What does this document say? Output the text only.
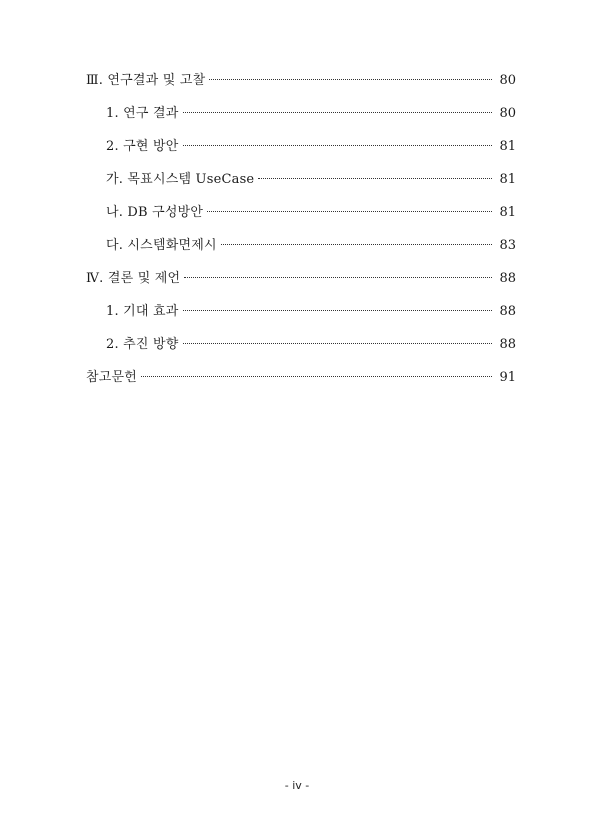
Ⅲ. 연구결과 및 고찰	80
1. 연구 결과	80
2. 구현 방안	81
가. 목표시스템 UseCase	81
나. DB 구성방안	81
다. 시스템화면제시	83
Ⅳ. 결론 및 제언	88
1. 기대 효과	88
2. 추진 방향	88
참고문헌	91
- iv -
